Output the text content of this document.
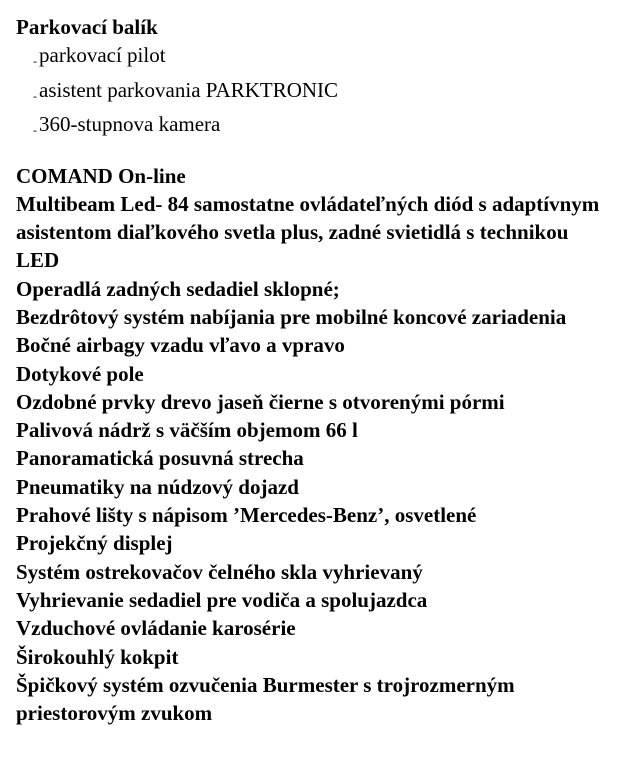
Parkovací balík
-parkovací pilot
-asistent parkovania PARKTRONIC
-360-stupnova kamera
COMAND On-line
Multibeam Led- 84 samostatne ovládateľných diód s adaptívnym asistentom diaľkového svetla plus, zadné svietidlá s technikou LED
Operadlá zadných sedadiel sklopné;
Bezdrôtový systém nabíjania pre mobilné koncové zariadenia
Bočné airbagy vzadu vľavo a vpravo
Dotykové pole
Ozdobné prvky drevo jaseň čierne s otvorenými pórmi
Palivová nádrž s väčším objemom 66 l
Panoramatická posuvná strecha
Pneumatiky na núdzový dojazd
Prahové lišty s nápisom ’Mercedes-Benz’, osvetlené
Projekčný displej
Systém ostrekovačov čelného skla vyhrievaný
Vyhrievanie sedadiel pre vodiča a spolujazdca
Vzduchové ovládanie karosérie
Širokouhlý kokpit
Špičkový systém ozvučenia Burmester s trojrozmerným priestorovým zvukom
